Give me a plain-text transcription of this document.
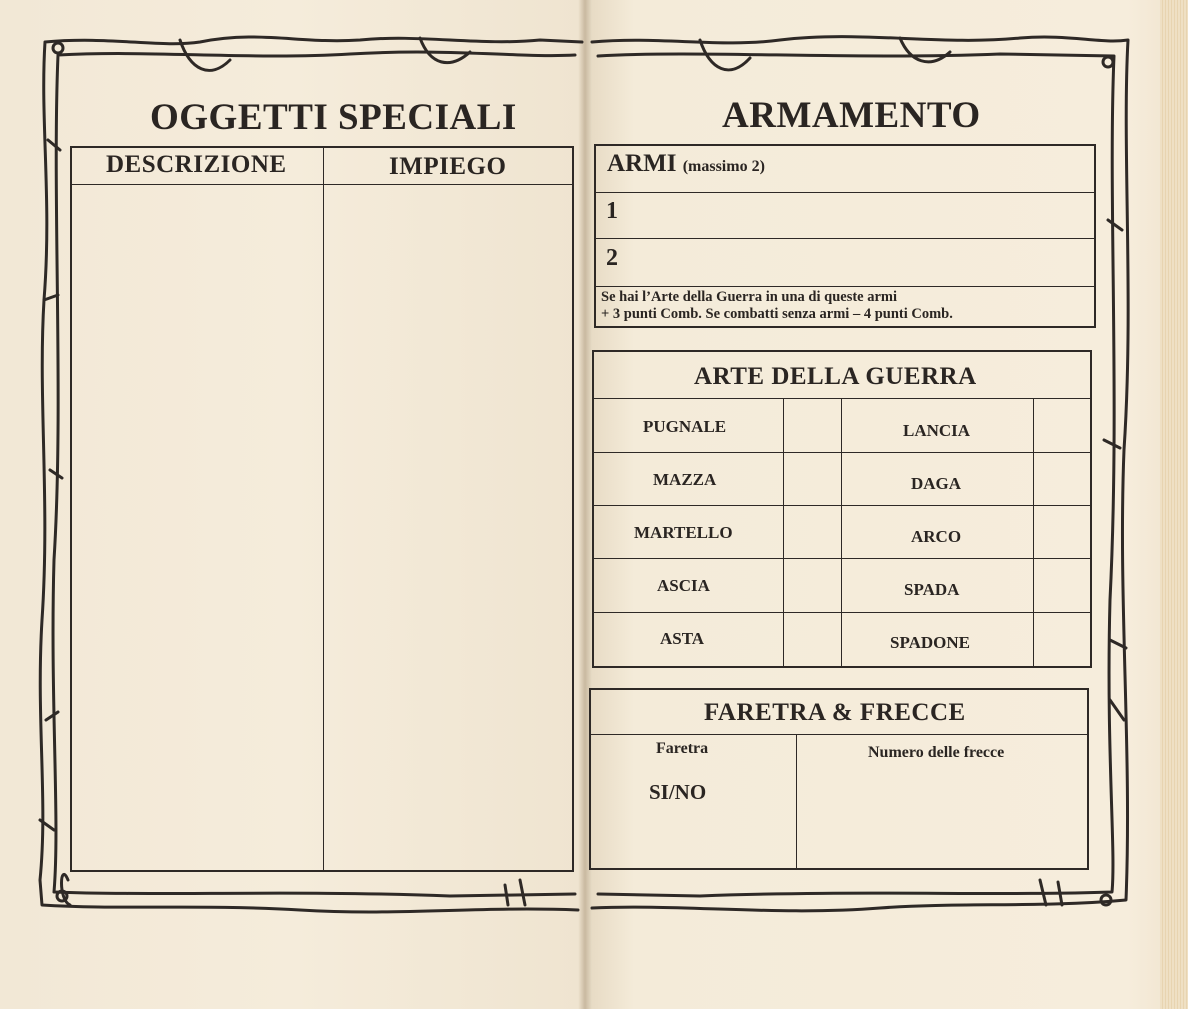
OGGETTI SPECIALI
DESCRIZIONE	IMPIEGO
ARMAMENTO
ARMI (massimo 2)
1
2
Se hai l’Arte della Guerra in una di queste armi
+ 3 punti Comb. Se combatti senza armi – 4 punti Comb.
ARTE DELLA GUERRA
PUGNALE
MAZZA
MARTELLO
ASCIA
ASTA
LANCIA
DAGA
ARCO
SPADA
SPADONE
FARETRA & FRECCE
Faretra
SI/NO
Numero delle frecce
